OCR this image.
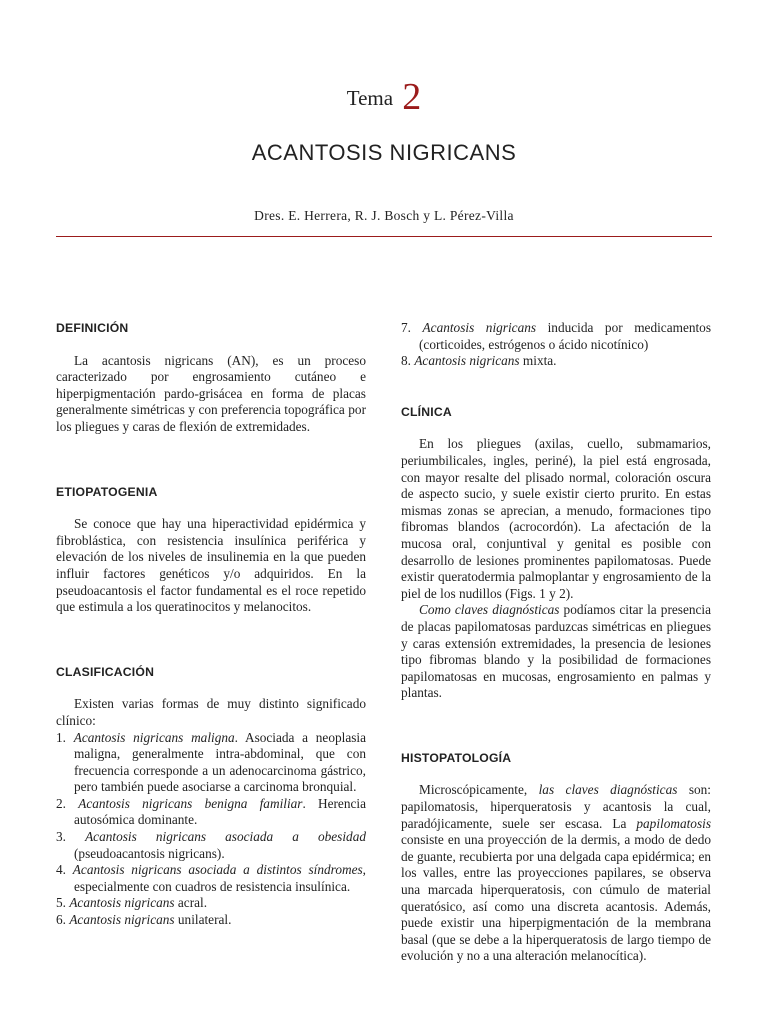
Tema 2
ACANTOSIS NIGRICANS
Dres. E. Herrera, R. J. Bosch y L. Pérez-Villa
DEFINICIÓN

La acantosis nigricans (AN), es un proceso caracterizado por engrosamiento cutáneo e hiperpigmentación pardo-grisácea en forma de placas generalmente simétricas y con preferencia topográfica por los pliegues y caras de flexión de extremidades.

ETIOPATOGENIA

Se conoce que hay una hiperactividad epidérmica y fibroblástica, con resistencia insulínica periférica y elevación de los niveles de insulinemia en la que pueden influir factores genéticos y/o adquiridos. En la pseudoacantosis el factor fundamental es el roce repetido que estimula a los queratinocitos y melanocitos.

CLASIFICACIÓN

Existen varias formas de muy distinto significado clínico:

1. Acantosis nigricans maligna. Asociada a neoplasia maligna, generalmente intra-abdominal, que con frecuencia corresponde a un adenocarcinoma gástrico, pero también puede asociarse a carcinoma bronquial.
2. Acantosis nigricans benigna familiar. Herencia autosómica dominante.
3. Acantosis nigricans asociada a obesidad (pseudoacantosis nigricans).
4. Acantosis nigricans asociada a distintos síndromes, especialmente con cuadros de resistencia insulínica.
5. Acantosis nigricans acral.
6. Acantosis nigricans unilateral.
7. Acantosis nigricans inducida por medicamentos (corticoides, estrógenos o ácido nicotínico)
8. Acantosis nigricans mixta.
CLÍNICA

En los pliegues (axilas, cuello, submamarios, periumbilicales, ingles, periné), la piel está engrosada, con mayor resalte del plisado normal, coloración oscura de aspecto sucio, y suele existir cierto prurito. En estas mismas zonas se aprecian, a menudo, formaciones tipo fibromas blandos (acrocordón). La afectación de la mucosa oral, conjuntival y genital es posible con desarrollo de lesiones prominentes papilomatosas. Puede existir queratodermia palmoplantar y engrosamiento de la piel de los nudillos (Figs. 1 y 2).

Como claves diagnósticas podíamos citar la presencia de placas papilomatosas parduzcas simétricas en pliegues y caras extensión extremidades, la presencia de lesiones tipo fibromas blando y la posibilidad de formaciones papilomatosas en mucosas, engrosamiento en palmas y plantas.

HISTOPATOLOGÍA

Microscópicamente, las claves diagnósticas son: papilomatosis, hiperqueratosis y acantosis la cual, paradójicamente, suele ser escasa. La papilomatosis consiste en una proyección de la dermis, a modo de dedo de guante, recubierta por una delgada capa epidérmica; en los valles, entre las proyecciones papilares, se observa una marcada hiperqueratosis, con cúmulo de material queratósico, así como una discreta acantosis. Además, puede existir una hiperpigmentación de la membrana basal (que se debe a la hiperqueratosis de largo tiempo de evolución y no a una alteración melanocítica).
